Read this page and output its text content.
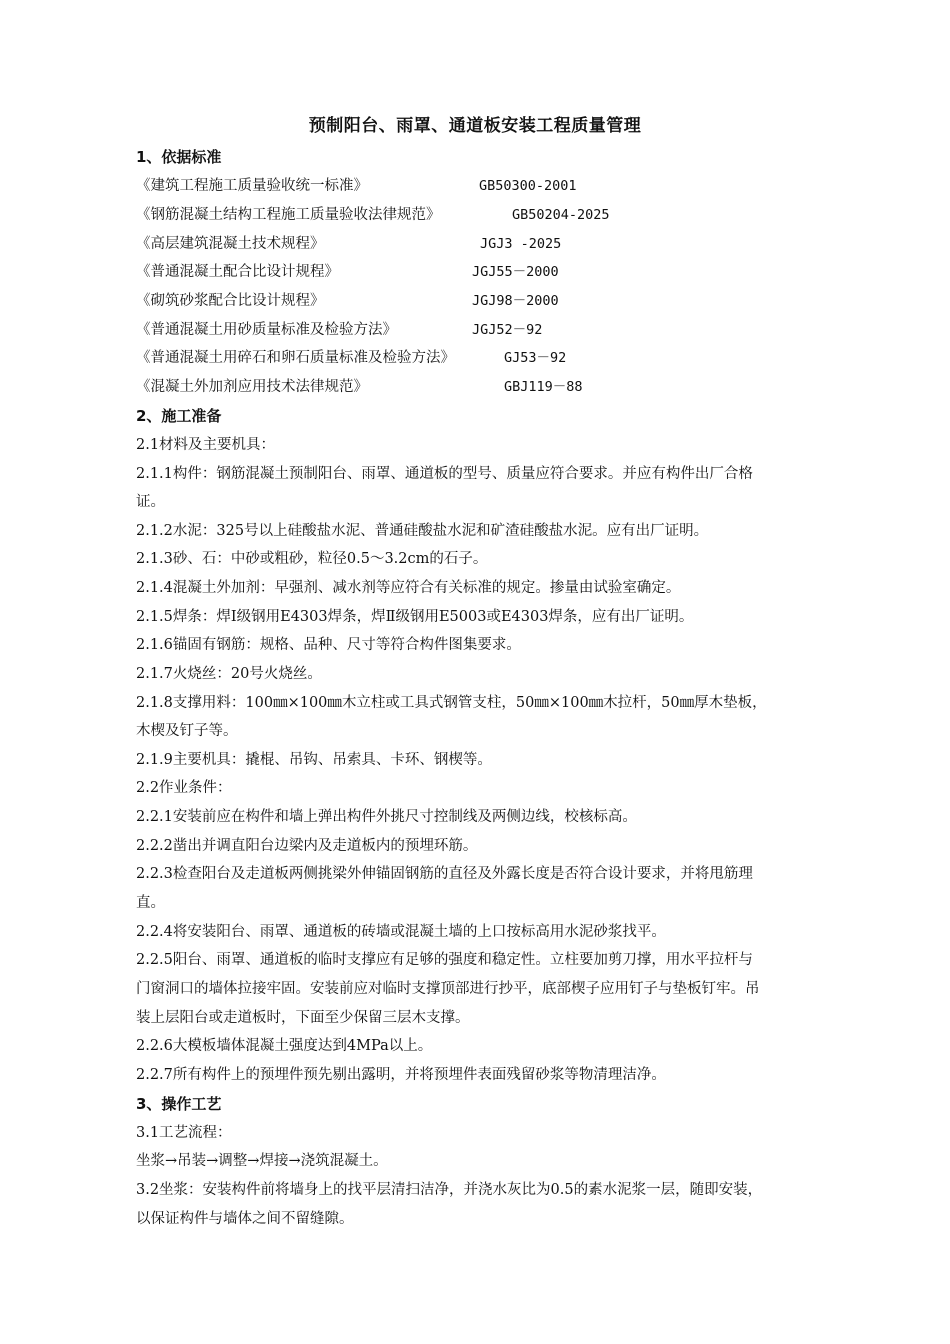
预制阳台、雨罩、通道板安装工程质量管理
1、依据标准
《建筑工程施工质量验收统一标准》	GB50300-2001
《钢筋混凝土结构工程施工质量验收法律规范》	GB50204-2025
《高层建筑混凝土技术规程》	JGJ3 -2025
《普通混凝土配合比设计规程》	JGJ55－2000
《砌筑砂浆配合比设计规程》	JGJ98－2000
《普通混凝土用砂质量标准及检验方法》	JGJ52－92
《普通混凝土用碎石和卵石质量标准及检验方法》	GJ53－92
《混凝土外加剂应用技术法律规范》	GBJ119－88
2、施工准备
2.1材料及主要机具：
2.1.1构件：钢筋混凝土预制阳台、雨罩、通道板的型号、质量应符合要求。并应有构件出厂合格
证。
2.1.2水泥：325号以上硅酸盐水泥、普通硅酸盐水泥和矿渣硅酸盐水泥。应有出厂证明。
2.1.3砂、石：中砂或粗砂，粒径0.5～3.2cm的石子。
2.1.4混凝土外加剂：早强剂、减水剂等应符合有关标准的规定。掺量由试验室确定。
2.1.5焊条：焊Ⅰ级钢用E4303焊条，焊Ⅱ级钢用E5003或E4303焊条，应有出厂证明。
2.1.6锚固有钢筋：规格、品种、尺寸等符合构件图集要求。
2.1.7火烧丝：20号火烧丝。
2.1.8支撑用料：100㎜×100㎜木立柱或工具式钢管支柱，50㎜×100㎜木拉杆，50㎜厚木垫板，
木楔及钉子等。
2.1.9主要机具：撬棍、吊钩、吊索具、卡环、钢楔等。
2.2作业条件：
2.2.1安装前应在构件和墙上弹出构件外挑尺寸控制线及两侧边线，校核标高。
2.2.2凿出并调直阳台边梁内及走道板内的预埋环筋。
2.2.3检查阳台及走道板两侧挑梁外伸锚固钢筋的直径及外露长度是否符合设计要求，并将甩筋理
直。
2.2.4将安装阳台、雨罩、通道板的砖墙或混凝土墙的上口按标高用水泥砂浆找平。
2.2.5阳台、雨罩、通道板的临时支撑应有足够的强度和稳定性。立柱要加剪刀撑，用水平拉杆与
门窗洞口的墙体拉接牢固。安装前应对临时支撑顶部进行抄平，底部楔子应用钉子与垫板钉牢。吊
装上层阳台或走道板时，下面至少保留三层木支撑。
2.2.6大模板墙体混凝土强度达到4MPa以上。
2.2.7所有构件上的预埋件预先剔出露明，并将预埋件表面残留砂浆等物清理洁净。
3、操作工艺
3.1工艺流程：
坐浆→吊装→调整→焊接→浇筑混凝土。
3.2坐浆：安装构件前将墙身上的找平层清扫洁净，并浇水灰比为0.5的素水泥浆一层，随即安装，
以保证构件与墙体之间不留缝隙。
